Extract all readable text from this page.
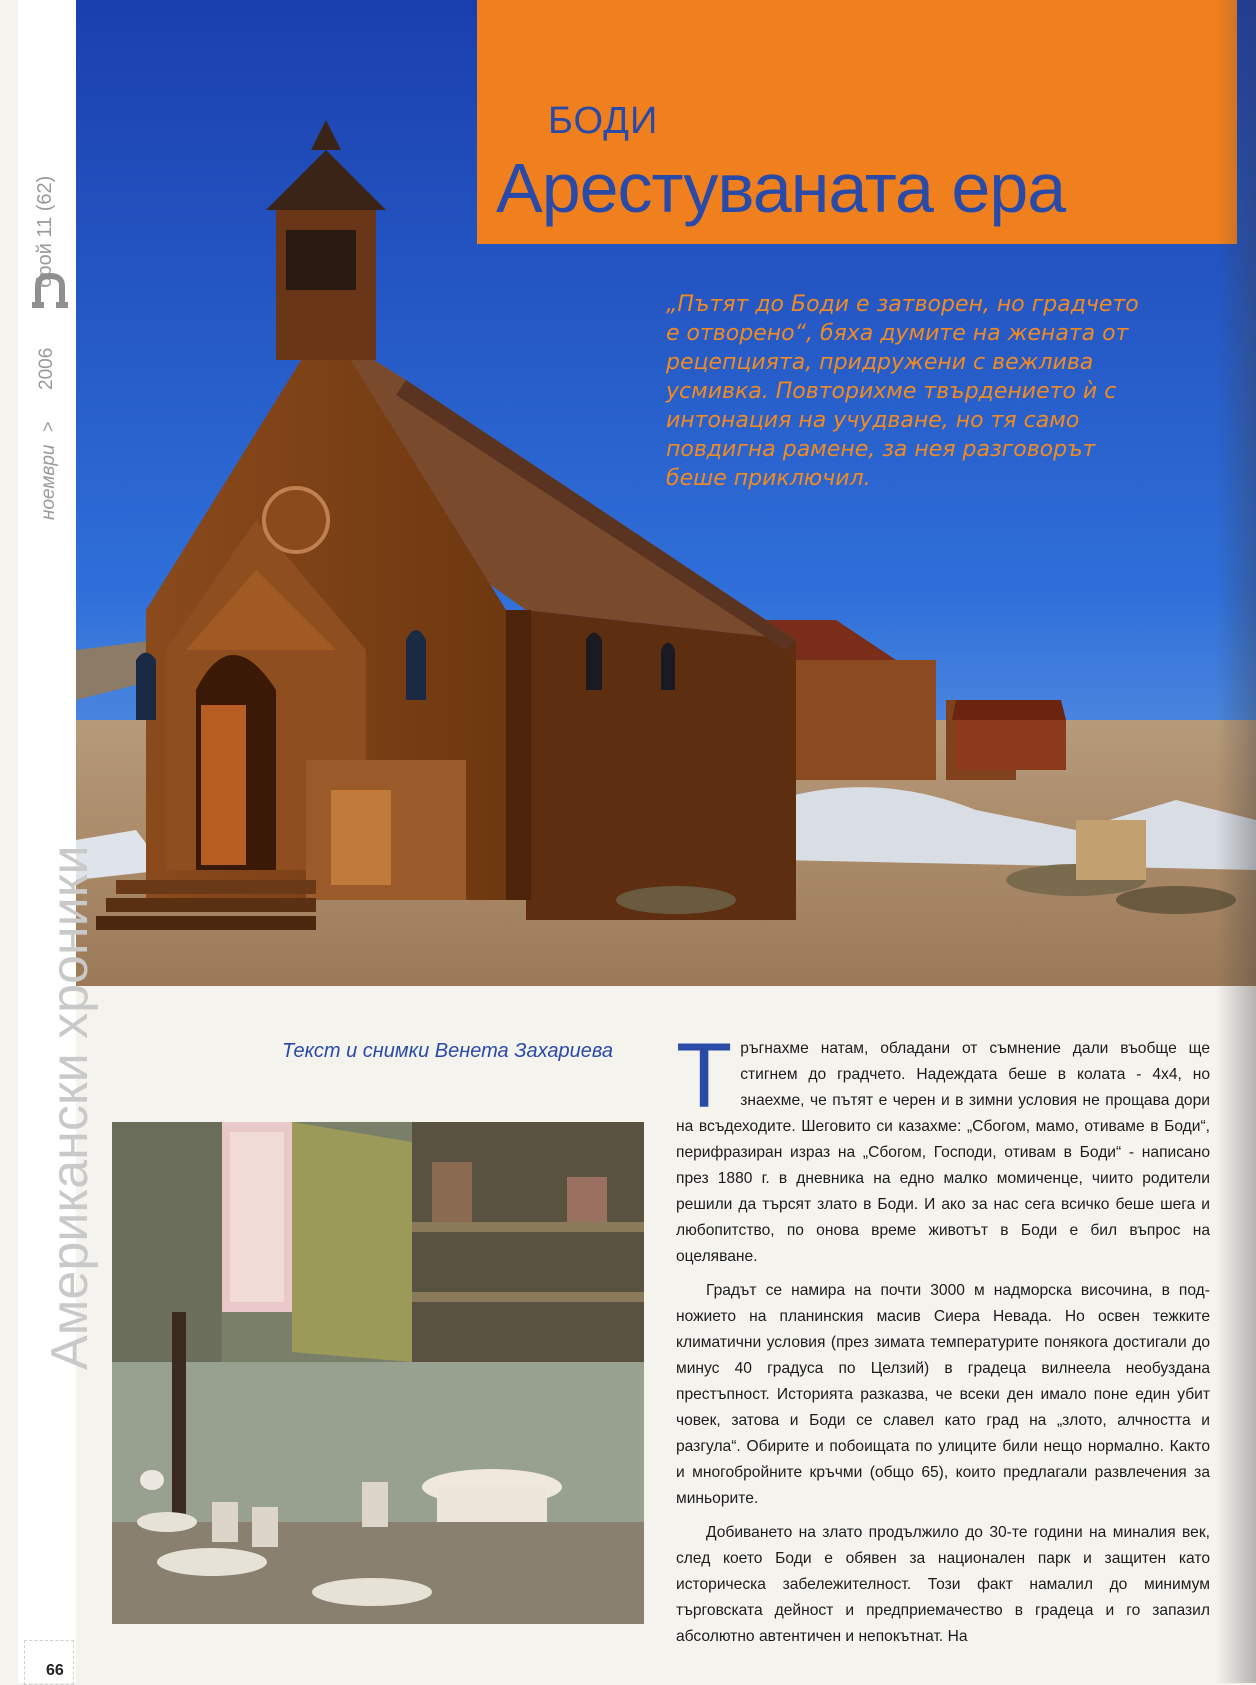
БОДИ
Арестуваната ера
„Пътят до Боди е затворен, но градчето е отворено“, бяха думите на жената от рецепцията, придружени с вежлива усмивка. Повторихме твърдението ѝ с интонация на учудване, но тя само повдигна рамене, за нея разговорът беше приключил.
брой 11 (62)
2006
>
ноември
Американски хроники
66
Текст и снимки Венета Захариева Тръгнахме натам, обладани от съмнение дали въобще ще стигнем до градчето. Надеждата беше в колата - 4x4, но знаехме, че пътят е черен и в зимни условия не прощава дори на всъдеходите. Шеговито си казахме: „Сбогом, мамо, отиваме в Боди“, перифразиран израз на „Сбогом, Господи, отивам в Боди“ - написано през 1880 г. в дневника на едно малко момиченце, чиито родители решили да търсят злато в Боди. И ако за нас сега всичко беше шега и любопитство, по онова време животът в Боди е бил въпрос на оцеляване.

Градът се намира на почти 3000 м надморска височина, в подножието на планинския масив Сиера Невада. Но освен тежките климатични условия (през зимата температурите понякога достигали до минус 40 градуса по Целзий) в градеца вилнеела необуздана престъпност. Историята разказва, че всеки ден имало поне един убит човек, затова и Боди се славел като град на „злото, алчността и разгула“. Обирите и побоищата по улиците били нещо нормално. Както и многобройните кръчми (общо 65), които предлагали развлечения за миньорите.

Добиването на злато продължило до 30-те години на миналия век, след което Боди е обявен за национален парк и защитен като историческа забележителност. Този факт намалил до минимум търговската дейност и предприемачество в градеца и го запазил абсолютно автентичен и непокътнат. На
